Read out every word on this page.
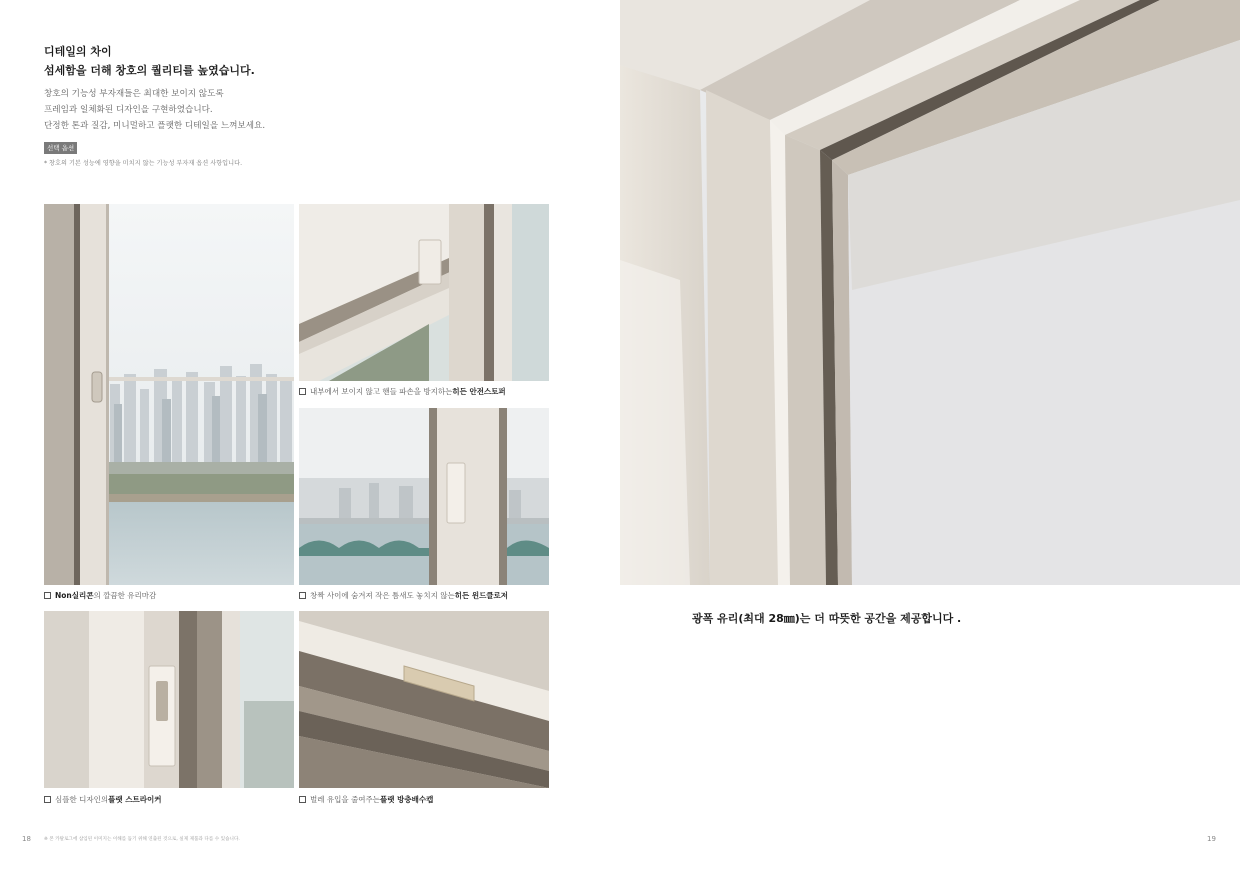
디테일의 차이
섬세함을 더해 창호의 퀄리티를 높였습니다.
창호의 기능성 부자재들은 최대한 보이지 않도록
프레임과 일체화된 디자인을 구현하였습니다.
단정한 톤과 질감, 미니멀하고 플랫한 디테일을 느껴보세요.
선택 옵션
* 창호의 기본 성능에 영향을 미치지 않는 기능성 부자재 옵션 사항입니다.
Non실리콘 의 깔끔한 유리마감
내부에서 보이지 않고 핸들 파손을 방지하는 히든 안전스토퍼
창짝 사이에 숨겨져 작은 틈새도 놓치지 않는 히든 윈드클로저
심플한 디자인의 플랫 스트라이커	벌레 유입을 줄여주는 플랫 방충배수캡
광폭 유리(최대 28㎜)는 더 따뜻한 공간을 제공합니다 .
18	※ 본 카탈로그에 삽입된 이미지는 이해를 돕기 위해 연출된 것으로, 실제 제품과 다를 수 있습니다.	19
